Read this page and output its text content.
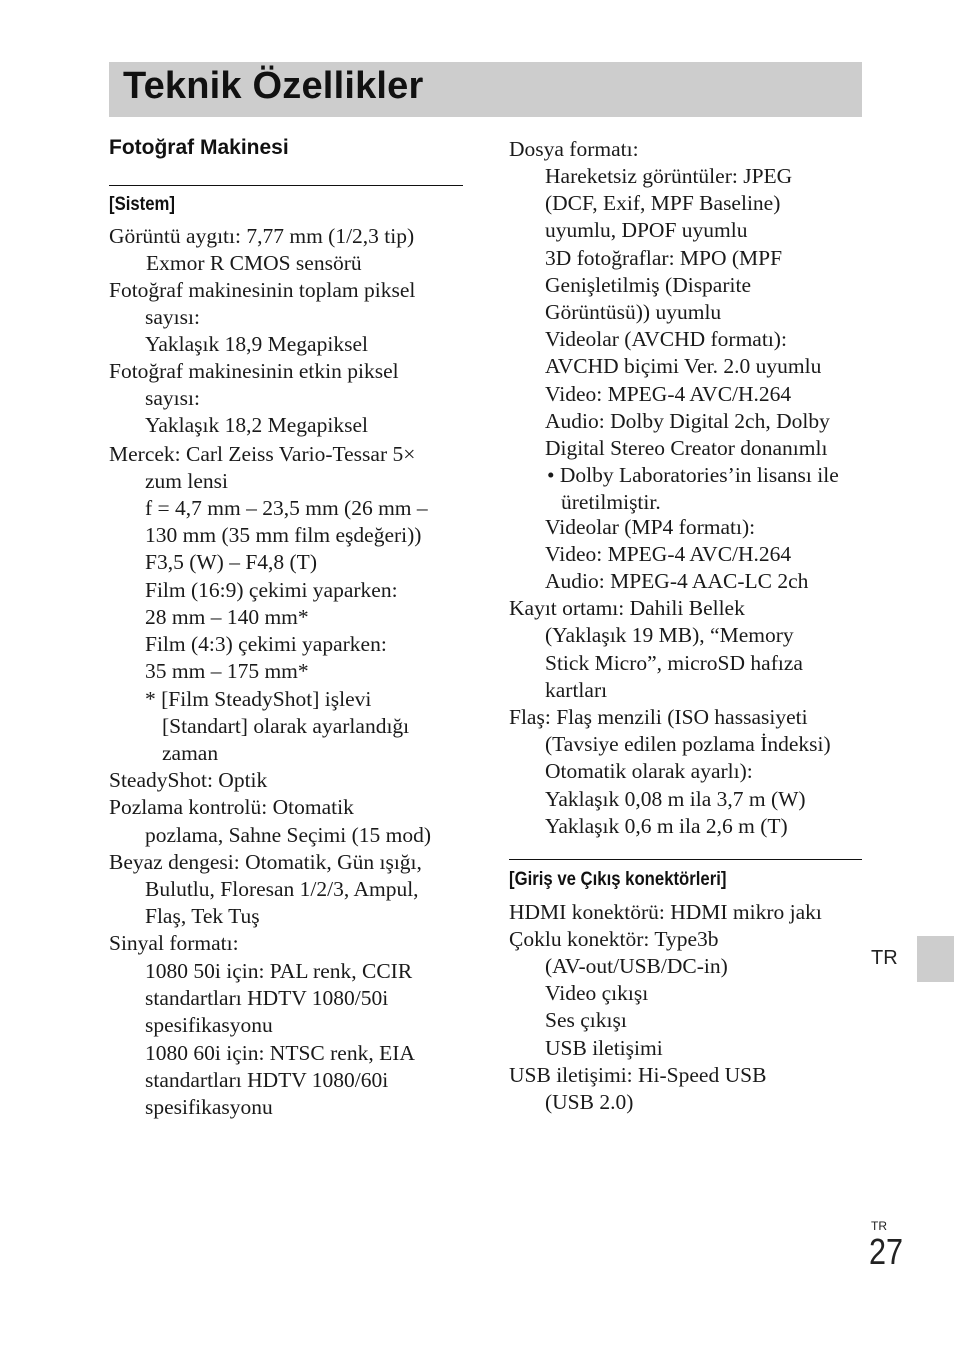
Teknik Özellikler
Fotoğraf Makinesi
[Sistem]
Görüntü aygıtı: 7,77 mm (1/2,3 tip)
Exmor R CMOS sensörü
Fotoğraf makinesinin toplam piksel
sayısı:
Yaklaşık 18,9 Megapiksel
Fotoğraf makinesinin etkin piksel
sayısı:
Yaklaşık 18,2 Megapiksel
Mercek: Carl Zeiss Vario-Tessar 5×
zum lensi
f = 4,7 mm – 23,5 mm (26 mm –
130 mm (35 mm film eşdeğeri))
F3,5 (W) – F4,8 (T)
Film (16:9) çekimi yaparken:
28 mm – 140 mm*
Film (4:3) çekimi yaparken:
35 mm – 175 mm*
* [Film SteadyShot] işlevi
[Standart] olarak ayarlandığı
zaman
SteadyShot: Optik
Pozlama kontrolü: Otomatik
pozlama, Sahne Seçimi (15 mod)
Beyaz dengesi: Otomatik, Gün ışığı,
Bulutlu, Floresan 1/2/3, Ampul,
Flaş, Tek Tuş
Sinyal formatı:
1080 50i için: PAL renk, CCIR
standartları HDTV 1080/50i
spesifikasyonu
1080 60i için: NTSC renk, EIA
standartları HDTV 1080/60i
spesifikasyonu
Dosya formatı:
Hareketsiz görüntüler: JPEG
(DCF, Exif, MPF Baseline)
uyumlu, DPOF uyumlu
3D fotoğraflar: MPO (MPF
Genişletilmiş (Disparite
Görüntüsü)) uyumlu
Videolar (AVCHD formatı):
AVCHD biçimi Ver. 2.0 uyumlu
Video: MPEG-4 AVC/H.264
Audio: Dolby Digital 2ch, Dolby
Digital Stereo Creator donanımlı
• Dolby Laboratories’in lisansı ile
üretilmiştir.
Videolar (MP4 formatı):
Video: MPEG-4 AVC/H.264
Audio: MPEG-4 AAC-LC 2ch
Kayıt ortamı: Dahili Bellek
(Yaklaşık 19 MB), “Memory
Stick Micro”, microSD hafıza
kartları
Flaş: Flaş menzili (ISO hassasiyeti
(Tavsiye edilen pozlama İndeksi)
Otomatik olarak ayarlı):
Yaklaşık 0,08 m ila 3,7 m (W)
Yaklaşık 0,6 m ila 2,6 m (T)
[Giriş ve Çıkış konektörleri]
HDMI konektörü: HDMI mikro jakı
Çoklu konektör: Type3b
(AV-out/USB/DC-in)
Video çıkışı
Ses çıkışı
USB iletişimi
USB iletişimi: Hi-Speed USB
(USB 2.0)
TR
TR
27
